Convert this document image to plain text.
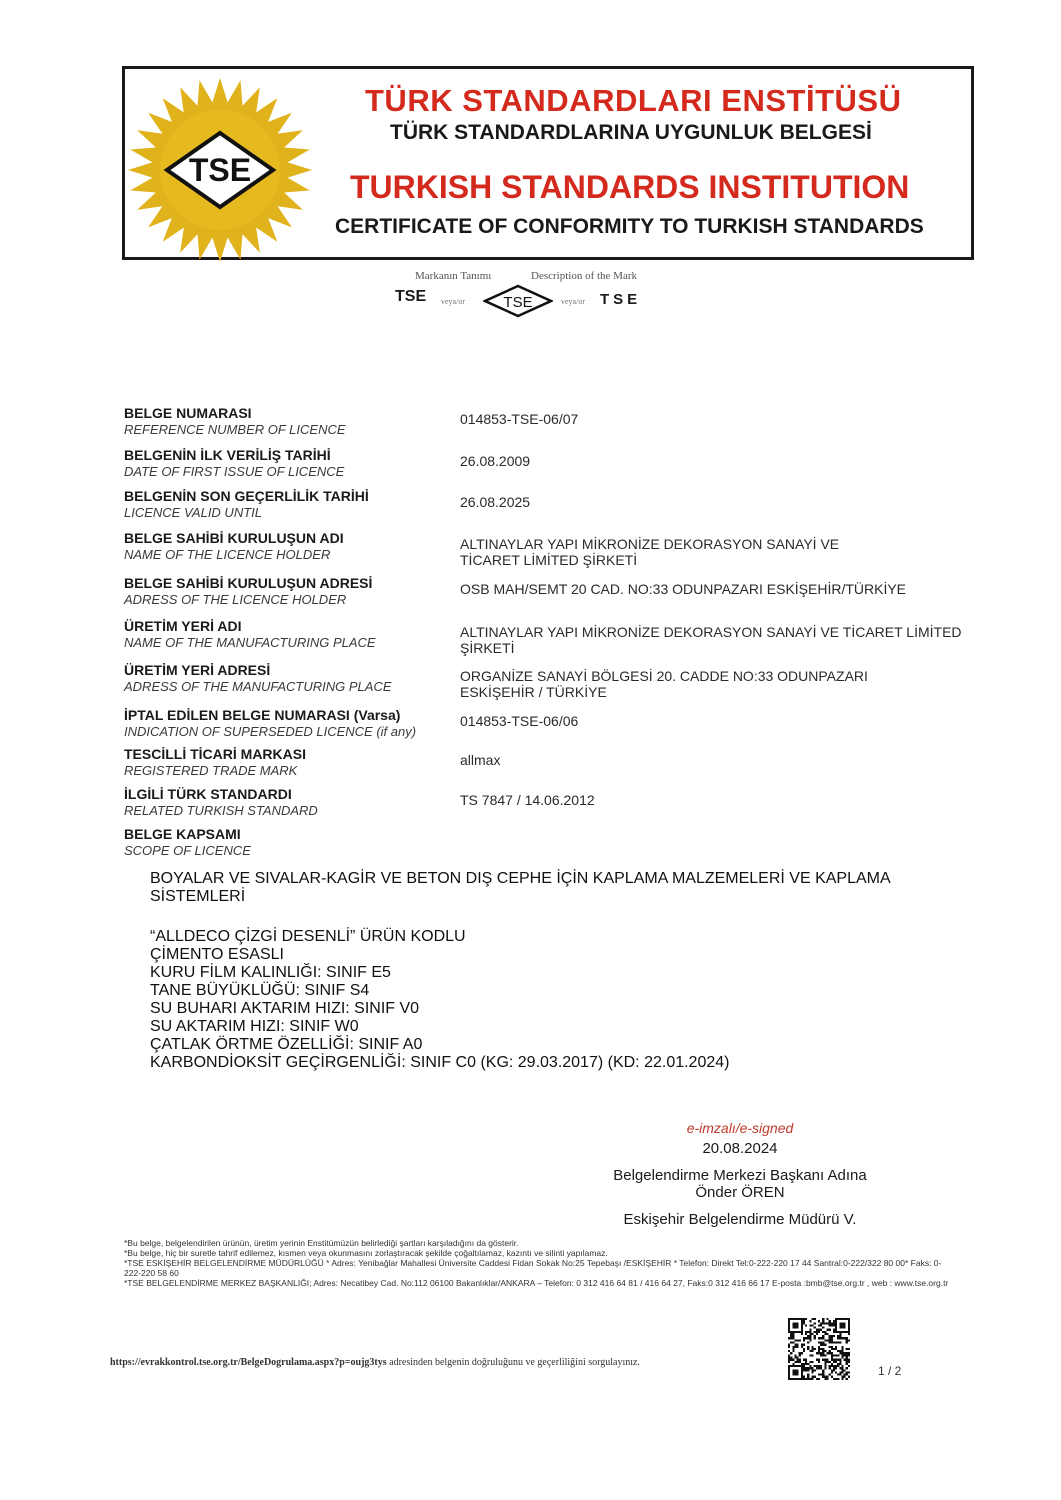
TSE
TÜRK STANDARDLARI ENSTİTÜSÜ
TÜRK STANDARDLARINA UYGUNLUK BELGESİ
TURKISH STANDARDS INSTITUTION
CERTIFICATE OF CONFORMITY TO TURKISH STANDARDS
Markanın Tanımı	Description of the Mark
TSE veya/or	TSE	veya/or TSE
BELGE NUMARASI
REFERENCE NUMBER OF LICENCE
014853-TSE-06/07
BELGENİN İLK VERİLİŞ TARİHİ
DATE OF FIRST ISSUE OF LICENCE
26.08.2009
BELGENİN SON GEÇERLİLİK TARİHİ
LICENCE VALID UNTIL
26.08.2025
BELGE SAHİBİ KURULUŞUN ADI
NAME OF THE LICENCE HOLDER
ALTINAYLAR YAPI MİKRONİZE DEKORASYON SANAYİ VE TİCARET LİMİTED ŞİRKETİ
BELGE SAHİBİ KURULUŞUN ADRESİ
ADRESS OF THE LICENCE HOLDER
OSB MAH/SEMT 20 CAD. NO:33 ODUNPAZARI ESKİŞEHİR/TÜRKİYE
ÜRETİM YERİ ADI
NAME OF THE MANUFACTURING PLACE
ALTINAYLAR YAPI MİKRONİZE DEKORASYON SANAYİ VE TİCARET LİMİTED ŞİRKETİ
ÜRETİM YERİ ADRESİ
ADRESS OF THE MANUFACTURING PLACE
ORGANİZE SANAYİ BÖLGESİ 20. CADDE NO:33 ODUNPAZARI ESKİŞEHİR / TÜRKİYE
İPTAL EDİLEN BELGE NUMARASI (Varsa)
INDICATION OF SUPERSEDED LICENCE (if any)
014853-TSE-06/06
TESCİLLİ TİCARİ MARKASI
REGISTERED TRADE MARK
allmax
İLGİLİ TÜRK STANDARDI
RELATED TURKISH STANDARD
TS 7847 / 14.06.2012
BELGE KAPSAMI
SCOPE OF LICENCE

BOYALAR VE SIVALAR-KAGİR VE BETON DIŞ CEPHE İÇİN KAPLAMA MALZEMELERİ VE KAPLAMA SİSTEMLERİ

“ALLDECO ÇİZGİ DESENLİ” ÜRÜN KODLU

ÇİMENTO ESASLI

KURU FİLM KALINLIĞI: SINIF E5

TANE BÜYÜKLÜĞÜ: SINIF S4

SU BUHARI AKTARIM HIZI: SINIF V0

SU AKTARIM HIZI: SINIF W0

ÇATLAK ÖRTME ÖZELLİĞİ: SINIF A0

KARBONDİOKSİT GEÇİRGENLİĞİ: SINIF C0 (KG: 29.03.2017) (KD: 22.01.2024)

e-imzalı/e-signed
20.08.2024
Belgelendirme Merkezi Başkanı Adına
Önder ÖREN
Eskişehir Belgelendirme Müdürü V.
*Bu belge, belgelendirilen ürünün, üretim yerinin Enstitümüzün belirlediği şartları karşıladığını da gösterir.
*Bu belge, hiç bir suretle tahrif edilemez, kısmen veya okunmasını zorlaştıracak şekilde çoğaltılamaz, kazıntı ve silinti yapılamaz.
*TSE ESKİŞEHİR BELGELENDİRME MÜDÜRLÜĞÜ * Adres: Yenibağlar Mahallesi Üniversite Caddesi Fidan Sokak No:25 Tepebaşı /ESKİŞEHİR * Telefon: Direkt Tel:0-222-220 17 44 Santral:0-222/322 80 00* Faks: 0-222-220 58 60
*TSE BELGELENDİRME MERKEZ BAŞKANLIĞI; Adres: Necatibey Cad. No:112 06100 Bakanlıklar/ANKARA – Telefon: 0 312 416 64 81 / 416 64 27, Faks:0 312 416 66 17 E-posta :bmb@tse.org.tr , web : www.tse.org.tr
https://evrakkontrol.tse.org.tr/BelgeDogrulama.aspx?p=oujg3tys adresinden belgenin doğruluğunu ve geçerliliğini sorgulayınız.
1 / 2
